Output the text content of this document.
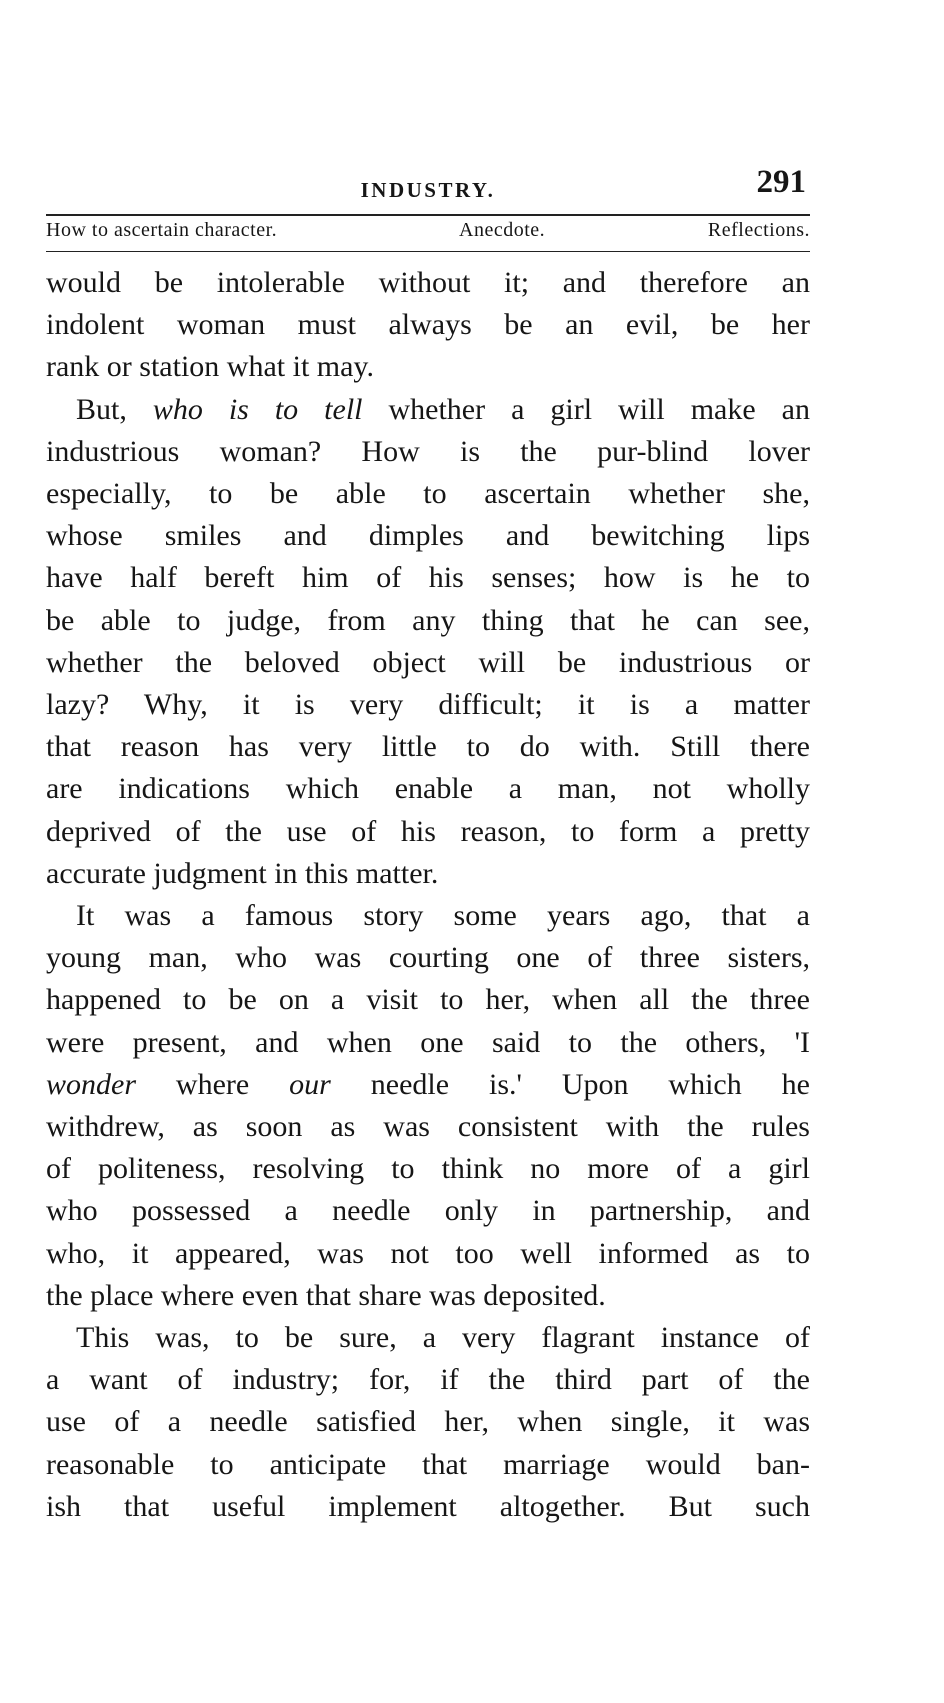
INDUSTRY.	291
How to ascertain character.	Anecdote.	Reflections.

would be intolerable without it; and therefore an

indolent woman must always be an evil, be her

rank or station what it may.

But, who is to tell whether a girl will make an

industrious woman? How is the pur-blind lover

especially, to be able to ascertain whether she,

whose smiles and dimples and bewitching lips

have half bereft him of his senses; how is he to

be able to judge, from any thing that he can see,

whether the beloved object will be industrious or

lazy? Why, it is very difficult; it is a matter

that reason has very little to do with. Still there

are indications which enable a man, not wholly

deprived of the use of his reason, to form a pretty

accurate judgment in this matter.

It was a famous story some years ago, that a

young man, who was courting one of three sisters,

happened to be on a visit to her, when all the three

were present, and when one said to the others, 'I

wonder where our needle is.' Upon which he

withdrew, as soon as was consistent with the rules

of politeness, resolving to think no more of a girl

who possessed a needle only in partnership, and

who, it appeared, was not too well informed as to

the place where even that share was deposited.

This was, to be sure, a very flagrant instance of

a want of industry; for, if the third part of the

use of a needle satisfied her, when single, it was

reasonable to anticipate that marriage would ban-

ish that useful implement altogether. But such
